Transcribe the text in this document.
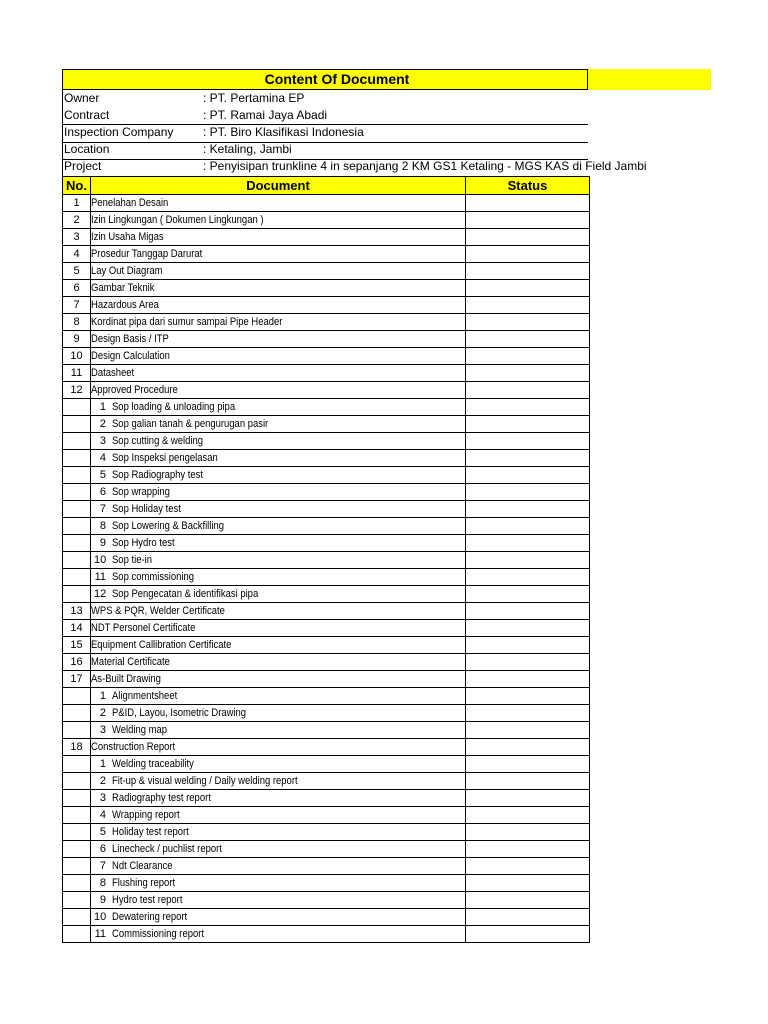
Content Of Document
Owner	: PT. Pertamina EP
Contract	: PT. Ramai Jaya Abadi
Inspection Company : PT. Biro Klasifikasi Indonesia
Location	: Ketaling, Jambi
Project	: Penyisipan trunkline 4 in sepanjang 2 KM GS1 Ketaling - MGS KAS di Field Jambi
No.	Document	Status
1	Penelahan Desain	
2	Izin Lingkungan ( Dokumen Lingkungan )	
3	Izin Usaha Migas	
4	Prosedur Tanggap Darurat	
5	Lay Out Diagram	
6	Gambar Teknik	
7	Hazardous Area	
8	Kordinat pipa dari sumur sampai Pipe Header	
9	Design Basis / ITP	
10	Design Calculation	
11	Datasheet	
12	Approved Procedure	
	1 Sop loading & unloading pipa	
	2 Sop galian tanah & pengurugan pasir	
	3 Sop cutting & welding	
	4 Sop Inspeksi pengelasan	
	5 Sop Radiography test	
	6 Sop wrapping	
	7 Sop Holiday test	
	8 Sop Lowering & Backfilling	
	9 Sop Hydro test	
	10 Sop tie-in	
	11 Sop commissioning	
	12 Sop Pengecatan & identifikasi pipa	
13	WPS & PQR, Welder Certificate	
14	NDT Personel Certificate	
15	Equipment Callibration Certificate	
16	Material Certificate	
17	As-Built Drawing	
	1 Alignmentsheet	
	2 P&ID, Layou, Isometric Drawing	
	3 Welding map	
18	Construction Report	
	1 Welding traceability	
	2 Fit-up & visual welding / Daily welding report	
	3 Radiography test report	
	4 Wrapping report	
	5 Holiday test report	
	6 Linecheck / puchlist report	
	7 Ndt Clearance	
	8 Flushing report	
	9 Hydro test report	
	10 Dewatering report	
	11 Commissioning report	
